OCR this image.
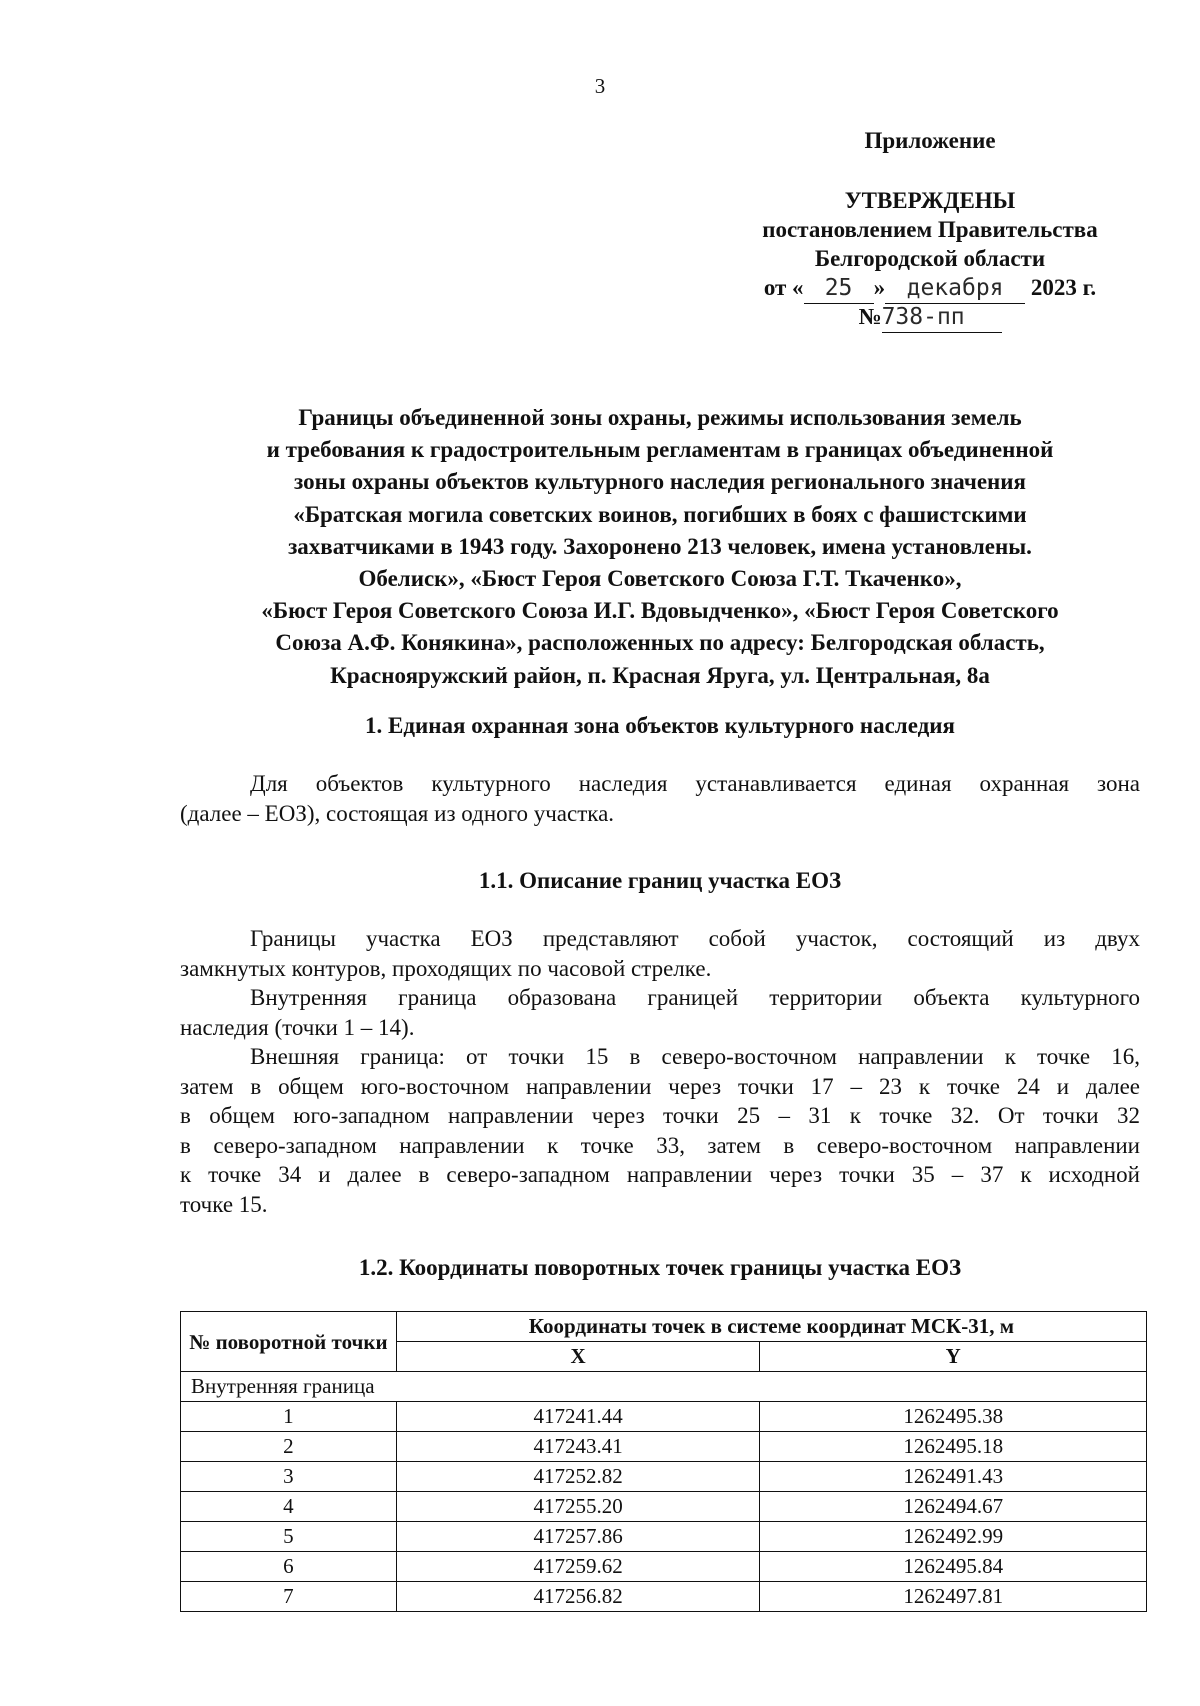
3
Приложение
УТВЕРЖДЕНЫ
постановлением Правительства
Белгородской области
от « 25 » декабря 2023 г.
№738-пп
Границы объединенной зоны охраны, режимы использования земель
и требования к градостроительным регламентам в границах объединенной
зоны охраны объектов культурного наследия регионального значения
«Братская могила советских воинов, погибших в боях с фашистскими
захватчиками в 1943 году. Захоронено 213 человек, имена установлены.
Обелиск», «Бюст Героя Советского Союза Г.Т. Ткаченко»,
«Бюст Героя Советского Союза И.Г. Вдовыдченко», «Бюст Героя Советского
Союза А.Ф. Конякина», расположенных по адресу: Белгородская область,
Краснояружский район, п. Красная Яруга, ул. Центральная, 8а
1. Единая охранная зона объектов культурного наследия
Для объектов культурного наследия устанавливается единая охранная зона
(далее – ЕОЗ), состоящая из одного участка.
1.1. Описание границ участка ЕОЗ
Границы участка ЕОЗ представляют собой участок, состоящий из двух
замкнутых контуров, проходящих по часовой стрелке.
Внутренняя граница образована границей территории объекта культурного
наследия (точки 1 – 14).
Внешняя граница: от точки 15 в северо-восточном направлении к точке 16,
затем в общем юго-восточном направлении через точки 17 – 23 к точке 24 и далее
в общем юго-западном направлении через точки 25 – 31 к точке 32. От точки 32
в северо-западном направлении к точке 33, затем в северо-восточном направлении
к точке 34 и далее в северо-западном направлении через точки 35 – 37 к исходной
точке 15.
1.2. Координаты поворотных точек границы участка ЕОЗ
№ поворотной точки	Координаты точек в системе координат МСК-31, м	
	X	Y
Внутренняя граница		
1	417241.44	1262495.38
2	417243.41	1262495.18
3	417252.82	1262491.43
4	417255.20	1262494.67
5	417257.86	1262492.99
6	417259.62	1262495.84
7	417256.82	1262497.81
